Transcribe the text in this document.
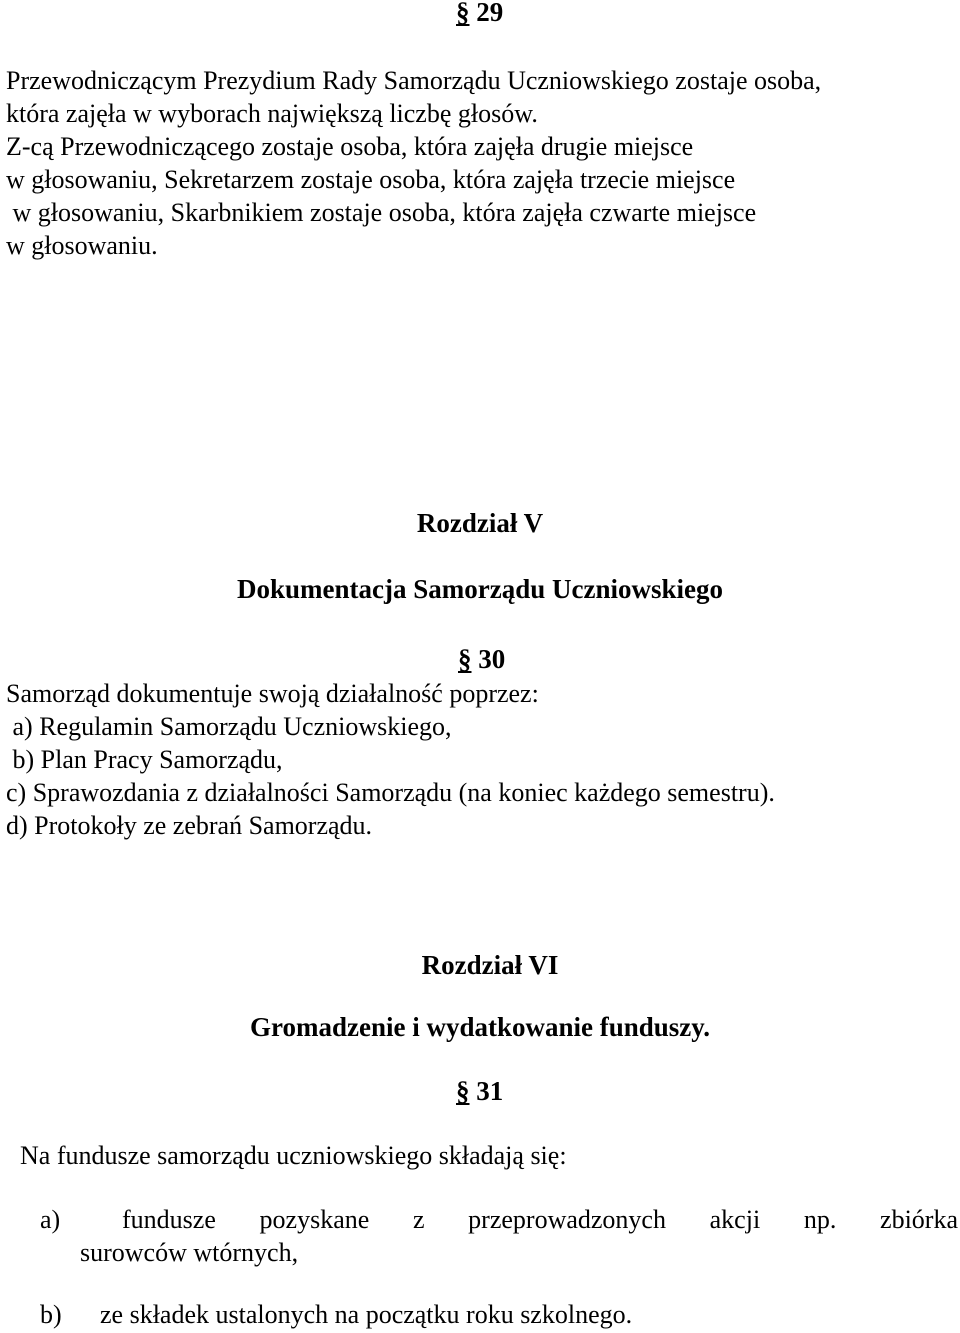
§ 29
Przewodniczącym Prezydium Rady Samorządu Uczniowskiego zostaje osoba,
która zajęła w wyborach największą liczbę głosów.
Z-cą Przewodniczącego zostaje osoba, która zajęła drugie miejsce
w głosowaniu, Sekretarzem zostaje osoba, która zajęła trzecie miejsce
w głosowaniu, Skarbnikiem zostaje osoba, która zajęła czwarte miejsce
w głosowaniu.
Rozdział V
Dokumentacja Samorządu Uczniowskiego
§ 30
Samorząd dokumentuje swoją działalność poprzez:
a) Regulamin Samorządu Uczniowskiego,
b) Plan Pracy Samorządu,
c) Sprawozdania z działalności Samorządu (na koniec każdego semestru).
d) Protokoły ze zebrań Samorządu.
Rozdział VI
Gromadzenie i wydatkowanie funduszy.
§ 31
Na fundusze samorządu uczniowskiego składają się:
a) fundusze pozyskane z przeprowadzonych akcji np. zbiórka
surowców wtórnych,
b) ze składek ustalonych na początku roku szkolnego.
